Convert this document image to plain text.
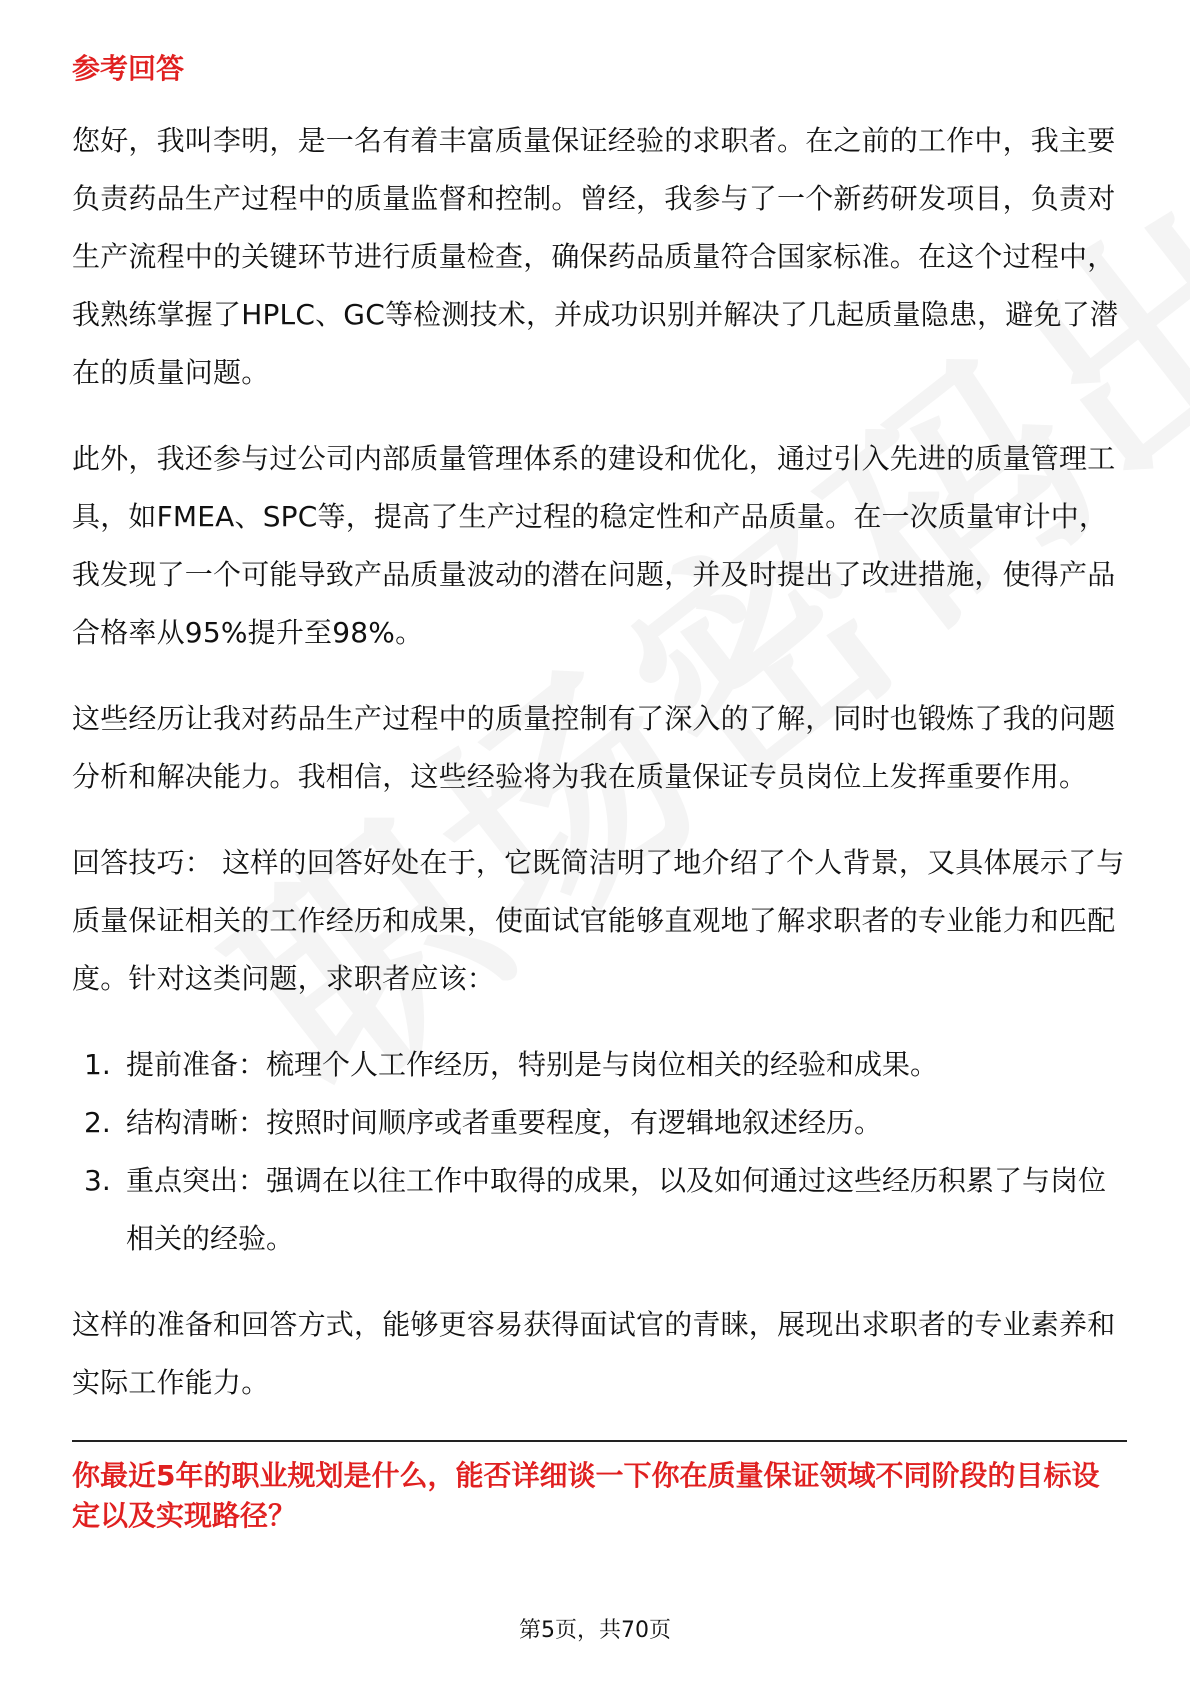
参考回答

您好，我叫李明，是一名有着丰富质量保证经验的求职者。在之前的工作中，我主要负责药品生产过程中的质量监督和控制。曾经，我参与了一个新药研发项目，负责对生产流程中的关键环节进行质量检查，确保药品质量符合国家标准。在这个过程中，我熟练掌握了HPLC、GC等检测技术，并成功识别并解决了几起质量隐患，避免了潜在的质量问题。

此外，我还参与过公司内部质量管理体系的建设和优化，通过引入先进的质量管理工具，如FMEA、SPC等，提高了生产过程的稳定性和产品质量。在一次质量审计中，我发现了一个可能导致产品质量波动的潜在问题，并及时提出了改进措施，使得产品合格率从95%提升至98%。

这些经历让我对药品生产过程中的质量控制有了深入的了解，同时也锻炼了我的问题分析和解决能力。我相信，这些经验将为我在质量保证专员岗位上发挥重要作用。

回答技巧： 这样的回答好处在于，它既简洁明了地介绍了个人背景，又具体展示了与质量保证相关的工作经历和成果，使面试官能够直观地了解求职者的专业能力和匹配度。针对这类问题，求职者应该：

1. 提前准备：梳理个人工作经历，特别是与岗位相关的经验和成果。
2. 结构清晰：按照时间顺序或者重要程度，有逻辑地叙述经历。
3. 重点突出：强调在以往工作中取得的成果，以及如何通过这些经历积累了与岗位相关的经验。

这样的准备和回答方式，能够更容易获得面试官的青睐，展现出求职者的专业素养和实际工作能力。

你最近5年的职业规划是什么，能否详细谈一下你在质量保证领域不同阶段的目标设定以及实现路径？
第5页，共70页
